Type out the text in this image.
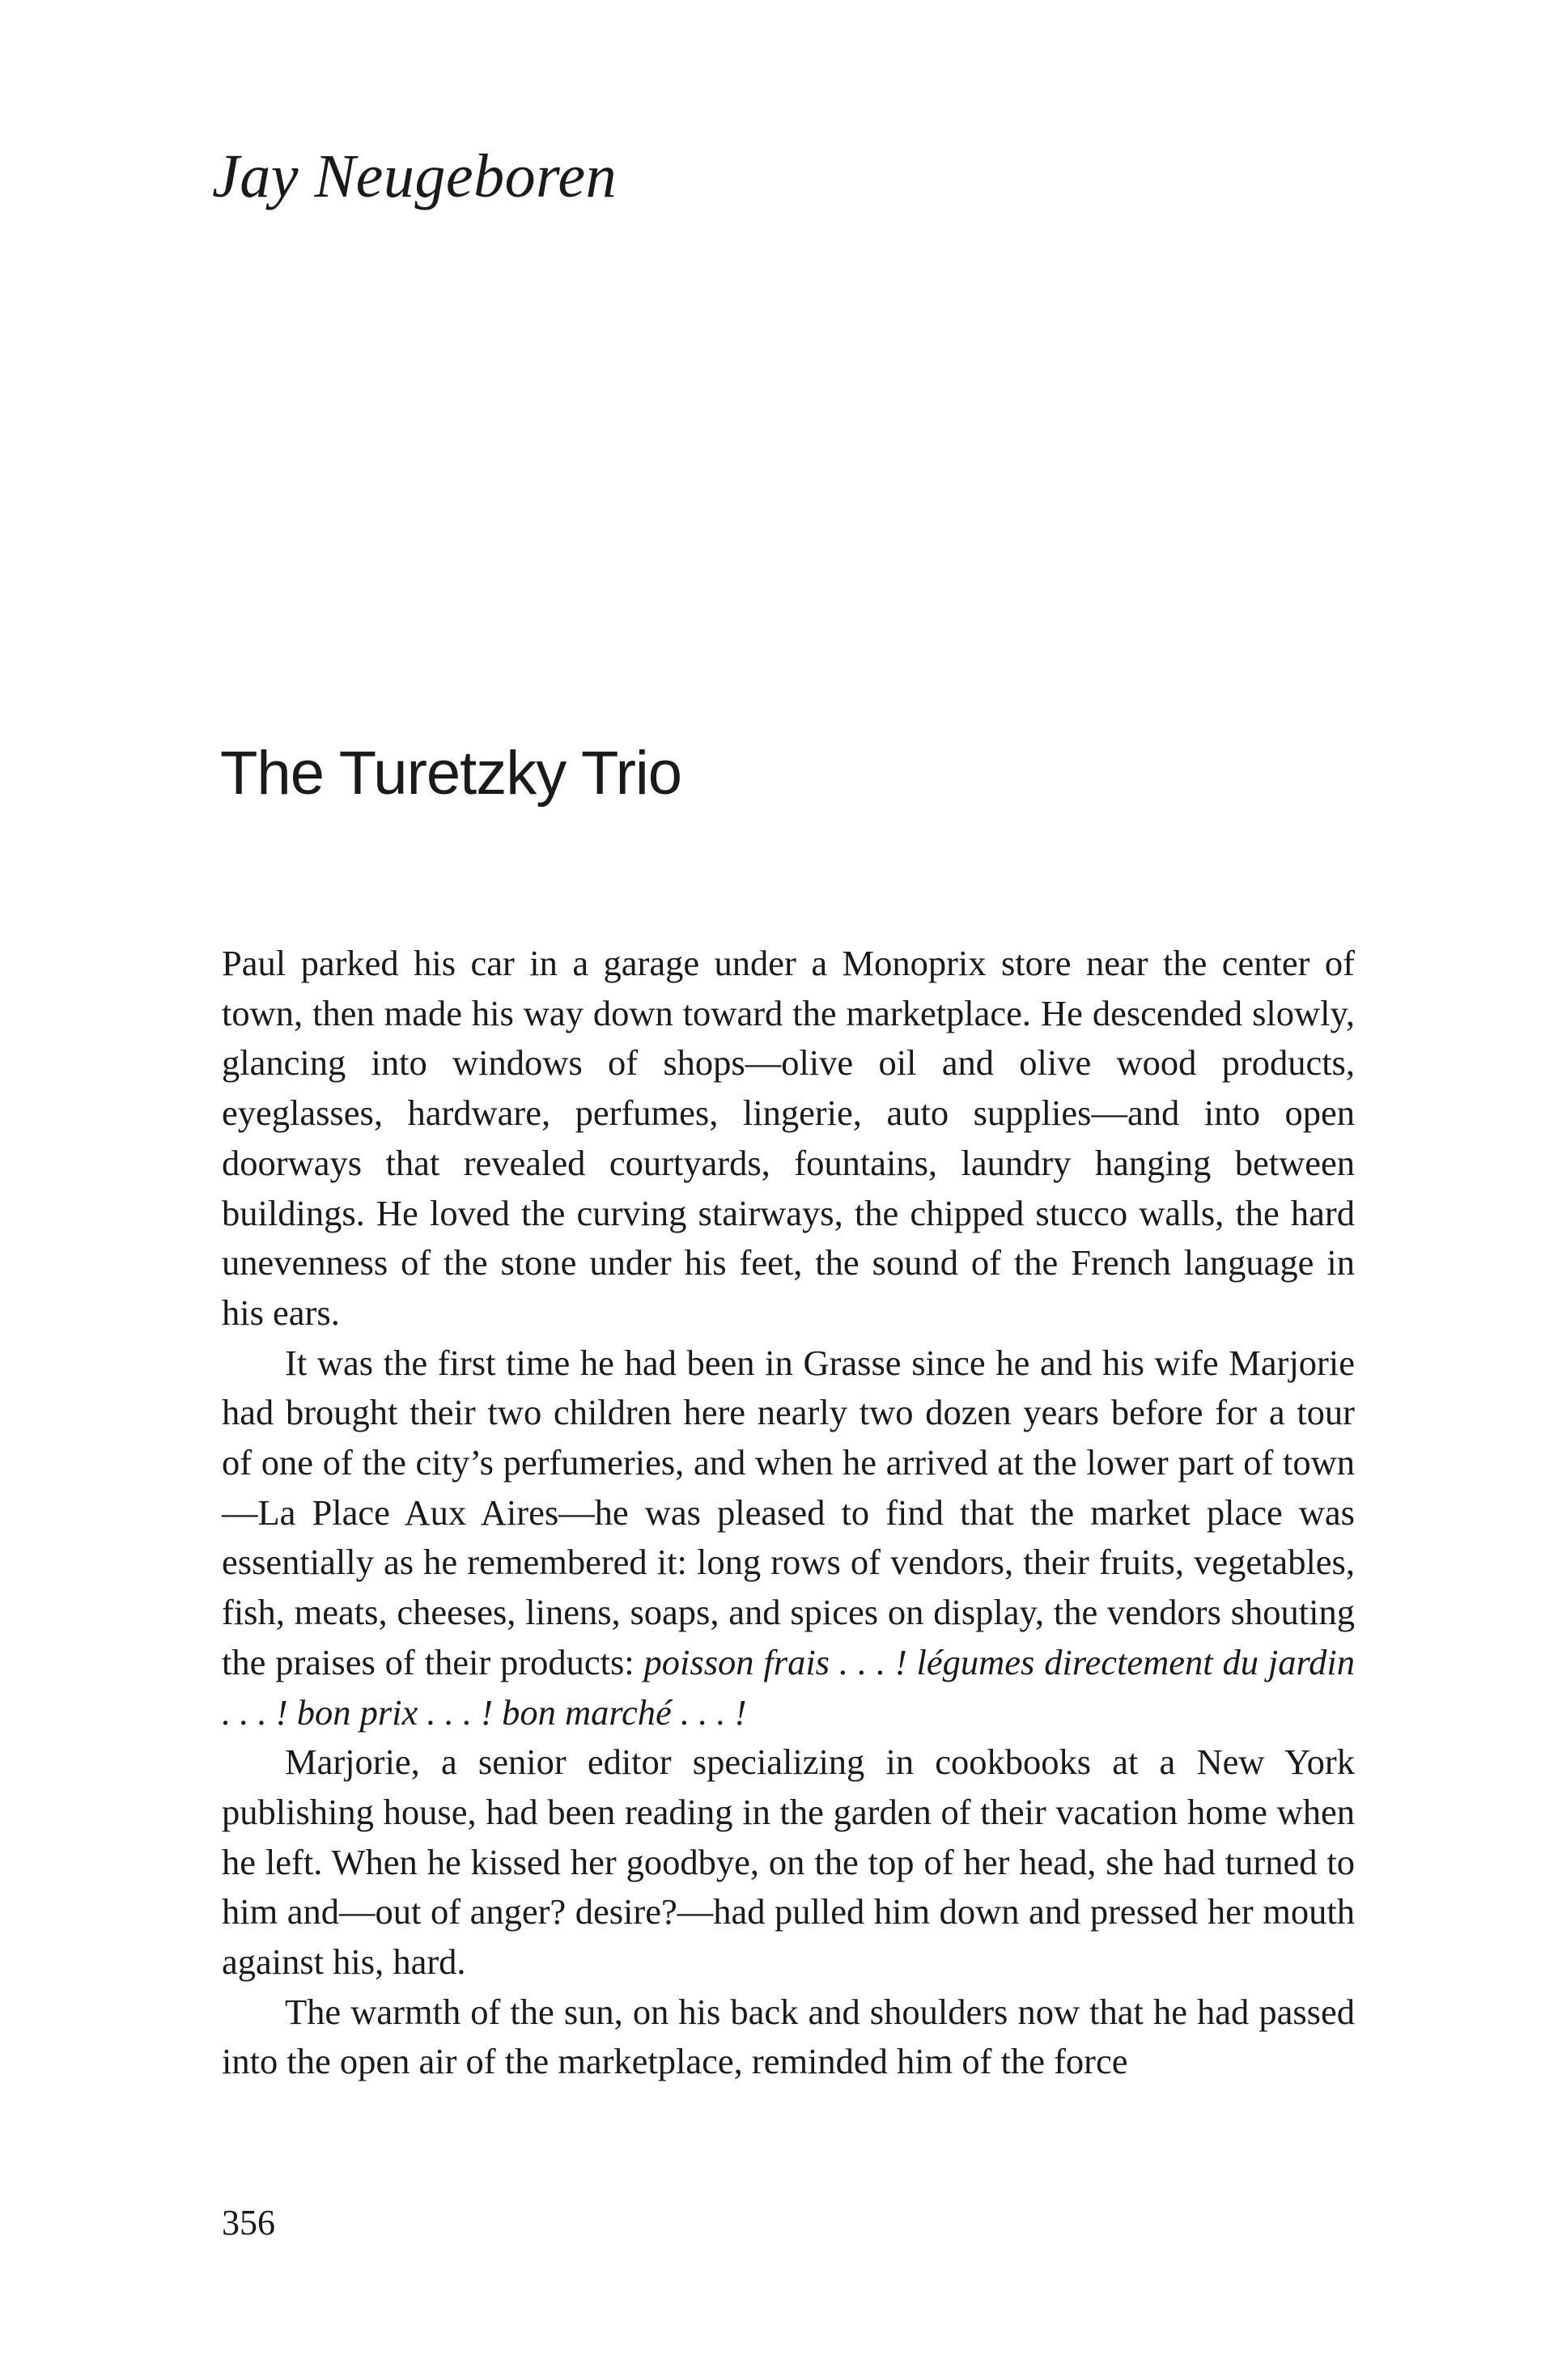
Jay Neugeboren
The Turetzky Trio

Paul parked his car in a garage under a Monoprix store near the center of town, then made his way down toward the marketplace. He descended slowly, glancing into windows of shops—olive oil and olive wood products, eyeglasses, hardware, perfumes, lingerie, auto supplies—and into open doorways that revealed courtyards, fountains, laundry hanging between buildings. He loved the curving stairways, the chipped stucco walls, the hard unevenness of the stone under his feet, the sound of the French language in his ears.

It was the first time he had been in Grasse since he and his wife Marjorie had brought their two children here nearly two dozen years before for a tour of one of the city’s perfumeries, and when he arrived at the lower part of town—La Place Aux Aires—he was pleased to find that the market place was essentially as he remembered it: long rows of vendors, their fruits, vegetables, fish, meats, cheeses, linens, soaps, and spices on display, the vendors shouting the praises of their products: poisson frais . . . ! légumes directement du jardin . . . ! bon prix . . . ! bon marché . . . !

Marjorie, a senior editor specializing in cookbooks at a New York publishing house, had been reading in the garden of their vacation home when he left. When he kissed her goodbye, on the top of her head, she had turned to him and—out of anger? desire?—had pulled him down and pressed her mouth against his, hard.

The warmth of the sun, on his back and shoulders now that he had passed into the open air of the marketplace, reminded him of the force

356
